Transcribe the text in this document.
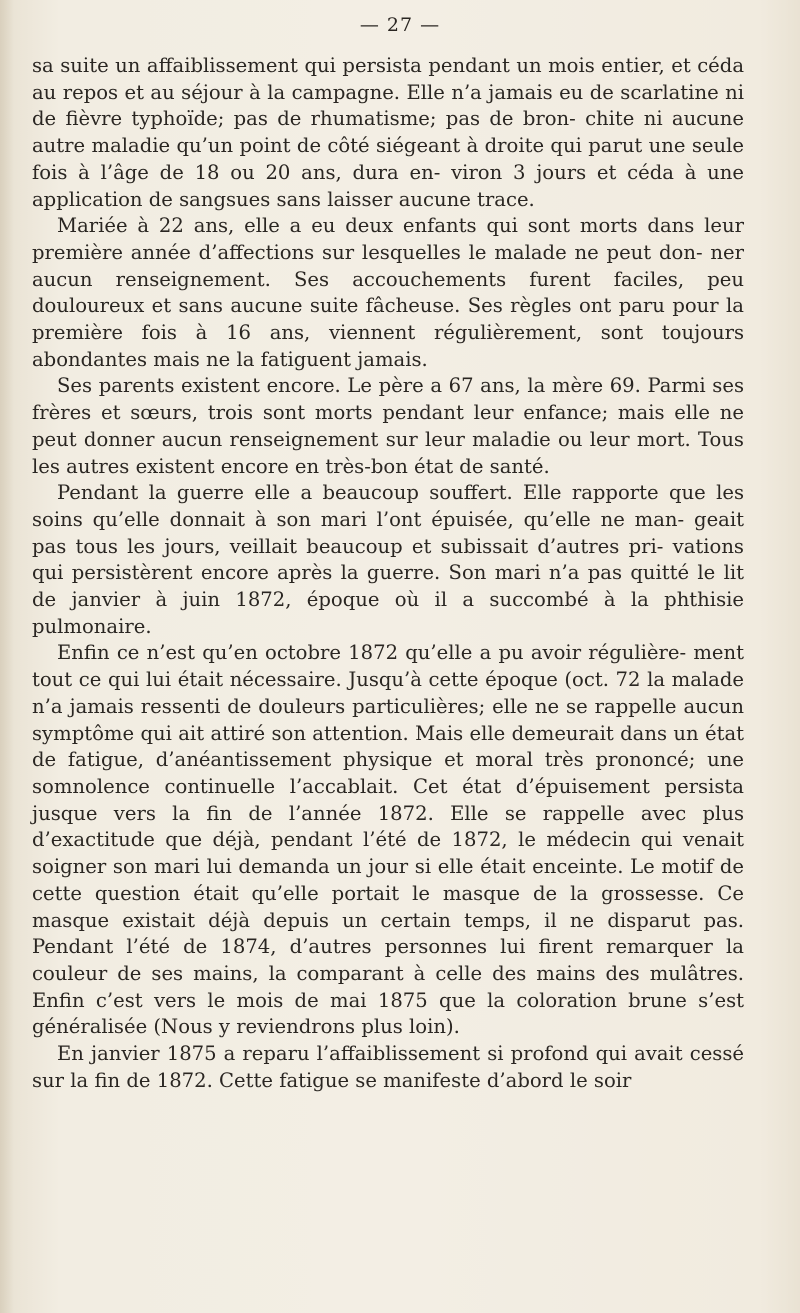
— 27 —

sa suite un affaiblissement qui persista pendant un mois entier, et céda au repos et au séjour à la campagne. Elle n’a jamais eu de scarlatine ni de fièvre typhoïde; pas de rhumatisme; pas de bron- chite ni aucune autre maladie qu’un point de côté siégeant à droite qui parut une seule fois à l’âge de 18 ou 20 ans, dura en- viron 3 jours et céda à une application de sangsues sans laisser aucune trace.

Mariée à 22 ans, elle a eu deux enfants qui sont morts dans leur première année d’affections sur lesquelles le malade ne peut don- ner aucun renseignement. Ses accouchements furent faciles, peu douloureux et sans aucune suite fâcheuse. Ses règles ont paru pour la première fois à 16 ans, viennent régulièrement, sont toujours abondantes mais ne la fatiguent jamais.

Ses parents existent encore. Le père a 67 ans, la mère 69. Parmi ses frères et sœurs, trois sont morts pendant leur enfance; mais elle ne peut donner aucun renseignement sur leur maladie ou leur mort. Tous les autres existent encore en très-bon état de santé.

Pendant la guerre elle a beaucoup souffert. Elle rapporte que les soins qu’elle donnait à son mari l’ont épuisée, qu’elle ne man- geait pas tous les jours, veillait beaucoup et subissait d’autres pri- vations qui persistèrent encore après la guerre. Son mari n’a pas quitté le lit de janvier à juin 1872, époque où il a succombé à la phthisie pulmonaire.

Enfin ce n’est qu’en octobre 1872 qu’elle a pu avoir régulière- ment tout ce qui lui était nécessaire. Jusqu’à cette époque (oct. 72 la malade n’a jamais ressenti de douleurs particulières; elle ne se rappelle aucun symptôme qui ait attiré son attention. Mais elle demeurait dans un état de fatigue, d’anéantissement physique et moral très prononcé; une somnolence continuelle l’accablait. Cet état d’épuisement persista jusque vers la fin de l’année 1872. Elle se rappelle avec plus d’exactitude que déjà, pendant l’été de 1872, le médecin qui venait soigner son mari lui demanda un jour si elle était enceinte. Le motif de cette question était qu’elle portait le masque de la grossesse. Ce masque existait déjà depuis un certain temps, il ne disparut pas. Pendant l’été de 1874, d’autres personnes lui firent remarquer la couleur de ses mains, la comparant à celle des mains des mulâtres. Enfin c’est vers le mois de mai 1875 que la coloration brune s’est généralisée (Nous y reviendrons plus loin).

En janvier 1875 a reparu l’affaiblissement si profond qui avait cessé sur la fin de 1872. Cette fatigue se manifeste d’abord le soir
